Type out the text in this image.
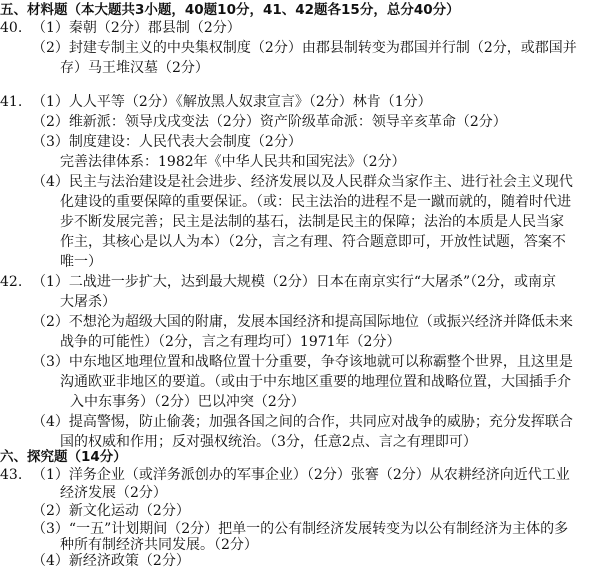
五、材料题（本大题共3小题，40题10分，41、42题各15分，总分40分）
40. （1）秦朝（2分）郡县制（2分）
（2）封建专制主义的中央集权制度（2分）由郡县制转变为郡国并行制（2分，或郡国并
存）马王堆汉墓（2分）
41. （1）人人平等（2分）《解放黑人奴隶宣言》（2分）林肯（1分）
（2）维新派：领导戊戌变法（2分）资产阶级革命派：领导辛亥革命（2分）
（3）制度建设：人民代表大会制度（2分）
完善法律体系：1982年《中华人民共和国宪法》（2分）
（4）民主与法治建设是社会进步、经济发展以及人民群众当家作主、进行社会主义现代
化建设的重要保障的重要保证。（或：民主法治的进程不是一蹴而就的，随着时代进
步不断发展完善；民主是法制的基石，法制是民主的保障；法治的本质是人民当家
作主，其核心是以人为本）（2分，言之有理、符合题意即可，开放性试题，答案不
唯一）
42. （1）二战进一步扩大，达到最大规模（2分）日本在南京实行“大屠杀”（2分，或南京
大屠杀）
（2）不想沦为超级大国的附庸，发展本国经济和提高国际地位（或振兴经济并降低未来
战争的可能性）（2分，言之有理均可）1971年（2分）
（3）中东地区地理位置和战略位置十分重要，争夺该地就可以称霸整个世界，且这里是
沟通欧亚非地区的要道。（或由于中东地区重要的地理位置和战略位置，大国插手介
入中东事务）（2分）巴以冲突（2分）
（4）提高警惕，防止偷袭；加强各国之间的合作，共同应对战争的威胁；充分发挥联合
国的权威和作用；反对强权统治。（3分，任意2点、言之有理即可）
六、探究题（14分）
43. （1）洋务企业（或洋务派创办的军事企业）（2分）张謇（2分）从农耕经济向近代工业
经济发展（2分）
（2）新文化运动（2分）
（3）“一五”计划期间（2分）把单一的公有制经济发展转变为以公有制经济为主体的多
种所有制经济共同发展。（2分）
（4）新经济政策（2分）
